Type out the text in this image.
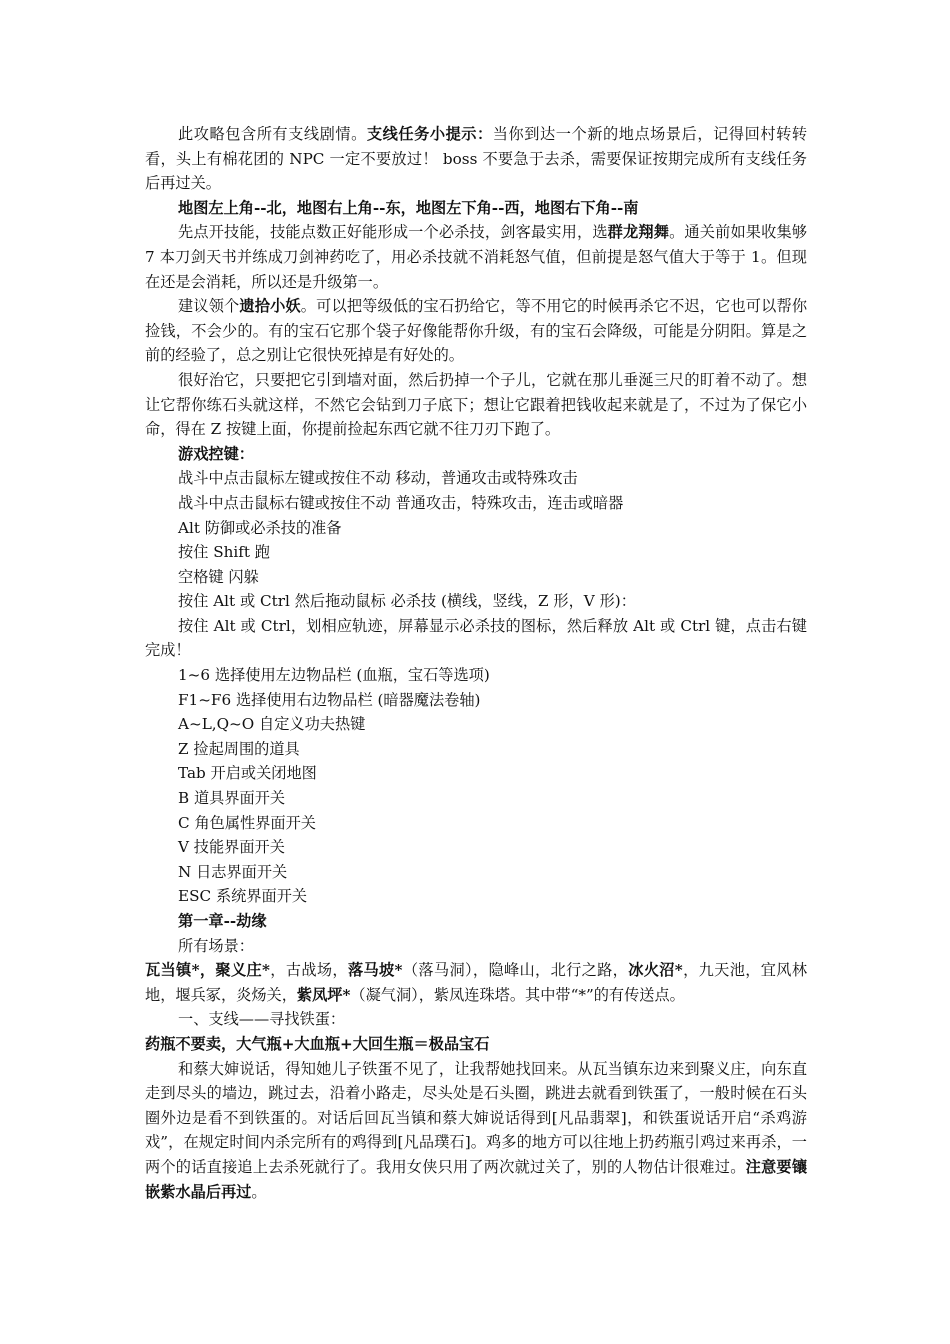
此攻略包含所有支线剧情。支线任务小提示：当你到达一个新的地点场景后，记得回村转转看，头上有棉花团的 NPC 一定不要放过！ boss 不要急于去杀，需要保证按期完成所有支线任务后再过关。

地图左上角--北，地图右上角--东，地图左下角--西，地图右下角--南

先点开技能，技能点数正好能形成一个必杀技，剑客最实用，选群龙翔舞。通关前如果收集够 7 本刀剑天书并练成刀剑神药吃了，用必杀技就不消耗怒气值，但前提是怒气值大于等于 1。但现在还是会消耗，所以还是升级第一。

建议领个遗拾小妖。可以把等级低的宝石扔给它，等不用它的时候再杀它不迟，它也可以帮你捡钱，不会少的。有的宝石它那个袋子好像能帮你升级，有的宝石会降级，可能是分阴阳。算是之前的经验了，总之别让它很快死掉是有好处的。

很好治它，只要把它引到墙对面，然后扔掉一个子儿，它就在那儿垂涎三尺的盯着不动了。想让它帮你练石头就这样，不然它会钻到刀子底下；想让它跟着把钱收起来就是了，不过为了保它小命，得在 Z 按键上面，你提前捡起东西它就不往刀刃下跑了。

游戏控键：

战斗中点击鼠标左键或按住不动 移动，普通攻击或特殊攻击

战斗中点击鼠标右键或按住不动 普通攻击，特殊攻击，连击或暗器

Alt 防御或必杀技的准备

按住 Shift 跑

空格键 闪躲

按住 Alt 或 Ctrl 然后拖动鼠标 必杀技 (横线，竖线，Z 形，V 形)：

按住 Alt 或 Ctrl，划相应轨迹，屏幕显示必杀技的图标，然后释放 Alt 或 Ctrl 键，点击右键完成！

1~6 选择使用左边物品栏 (血瓶，宝石等选项)

F1~F6 选择使用右边物品栏 (暗器魔法卷轴)

A~L,Q~O 自定义功夫热键

Z 捡起周围的道具

Tab 开启或关闭地图

B 道具界面开关

C 角色属性界面开关

V 技能界面开关

N 日志界面开关

ESC 系统界面开关

第一章--劫缘

所有场景：

瓦当镇*，聚义庄*，古战场，落马坡*（落马洞），隐峰山，北行之路，冰火沼*，九天池，宜风林地，堰兵冢，炎炀关，紫凤坪*（凝气洞），紫凤连珠塔。其中带“*”的有传送点。

一、支线——寻找铁蛋：

药瓶不要卖，大气瓶+大血瓶+大回生瓶＝极品宝石

和蔡大婶说话，得知她儿子铁蛋不见了，让我帮她找回来。从瓦当镇东边来到聚义庄，向东直走到尽头的墙边，跳过去，沿着小路走，尽头处是石头圈，跳进去就看到铁蛋了，一般时候在石头圈外边是看不到铁蛋的。对话后回瓦当镇和蔡大婶说话得到[凡品翡翠]，和铁蛋说话开启“杀鸡游戏”，在规定时间内杀完所有的鸡得到[凡品璞石]。鸡多的地方可以往地上扔药瓶引鸡过来再杀，一两个的话直接追上去杀死就行了。我用女侠只用了两次就过关了，别的人物估计很难过。注意要镶嵌紫水晶后再过。
